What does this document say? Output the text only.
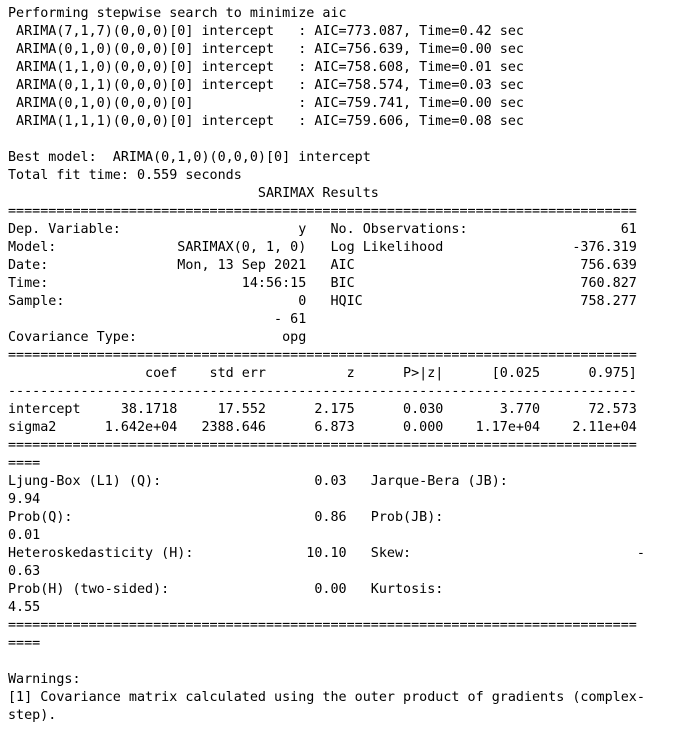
Performing stepwise search to minimize aic
ARIMA(7,1,7)(0,0,0)[0] intercept   : AIC=773.087, Time=0.42 sec
ARIMA(0,1,0)(0,0,0)[0] intercept   : AIC=756.639, Time=0.00 sec
ARIMA(1,1,0)(0,0,0)[0] intercept   : AIC=758.608, Time=0.01 sec
ARIMA(0,1,1)(0,0,0)[0] intercept   : AIC=758.574, Time=0.03 sec
ARIMA(0,1,0)(0,0,0)[0]             : AIC=759.741, Time=0.00 sec
ARIMA(1,1,1)(0,0,0)[0] intercept   : AIC=759.606, Time=0.08 sec
Best model:  ARIMA(0,1,0)(0,0,0)[0] intercept
Total fit time: 0.559 seconds
SARIMAX Results
==============================================================================
Dep. Variable:                      y   No. Observations:                   61
Model:               SARIMAX(0, 1, 0)   Log Likelihood                -376.319
Date:                Mon, 13 Sep 2021   AIC                            756.639
Time:                        14:56:15   BIC                            760.827
Sample:                             0   HQIC                           758.277
- 61
Covariance Type:                  opg
==============================================================================
coef    std err          z      P>|z|      [0.025      0.975]
------------------------------------------------------------------------------
intercept     38.1718     17.552      2.175      0.030       3.770      72.573
sigma2      1.642e+04   2388.646      6.873      0.000    1.17e+04    2.11e+04
==============================================================================
====
Ljung-Box (L1) (Q):                   0.03   Jarque-Bera (JB):
9.94
Prob(Q):                              0.86   Prob(JB):
0.01
Heteroskedasticity (H):              10.10   Skew:                            -
0.63
Prob(H) (two-sided):                  0.00   Kurtosis:
4.55
==============================================================================
====
Warnings:
[1] Covariance matrix calculated using the outer product of gradients (complex-
step).
